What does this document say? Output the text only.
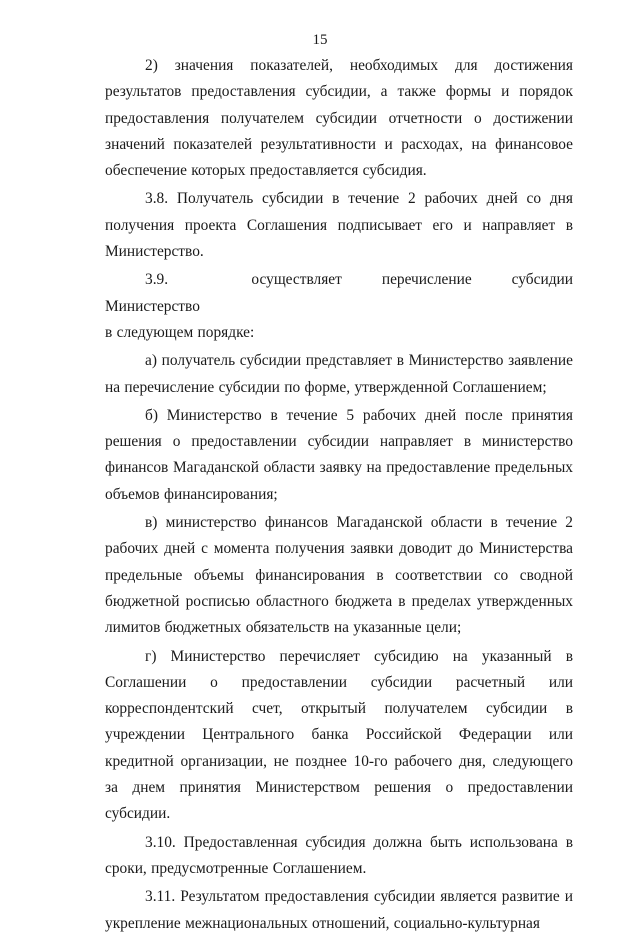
15

2) значения показателей, необходимых для достижения результатов предоставления субсидии, а также формы и порядок предоставления получателем субсидии отчетности о достижении значений показателей результативности и расходах, на финансовое обеспечение которых предоставляется субсидия.

3.8. Получатель субсидии в течение 2 рабочих дней со дня получения проекта Соглашения подписывает его и направляет в Министерство.

3.9. Министерство
осуществляет	перечисление	субсидии

в следующем порядке:

а) получатель субсидии представляет в Министерство заявление на перечисление субсидии по форме, утвержденной Соглашением;

б) Министерство в течение 5 рабочих дней после принятия решения о предоставлении субсидии направляет в министерство финансов Магаданской области заявку на предоставление предельных объемов финансирования;

в) министерство финансов Магаданской области в течение 2 рабочих дней с момента получения заявки доводит до Министерства предельные объемы финансирования в соответствии со сводной бюджетной росписью областного бюджета в пределах утвержденных лимитов бюджетных обязательств на указанные цели;

г) Министерство перечисляет субсидию на указанный в Соглашении о предоставлении субсидии расчетный или корреспондентский счет, открытый получателем субсидии в учреждении Центрального банка Российской Федерации или кредитной организации, не позднее 10-го рабочего дня, следующего за днем принятия Министерством решения о предоставлении субсидии.

3.10. Предоставленная субсидия должна быть использована в сроки, предусмотренные Соглашением.

3.11. Результатом предоставления субсидии является развитие и укрепление межнациональных отношений, социально-культурная
